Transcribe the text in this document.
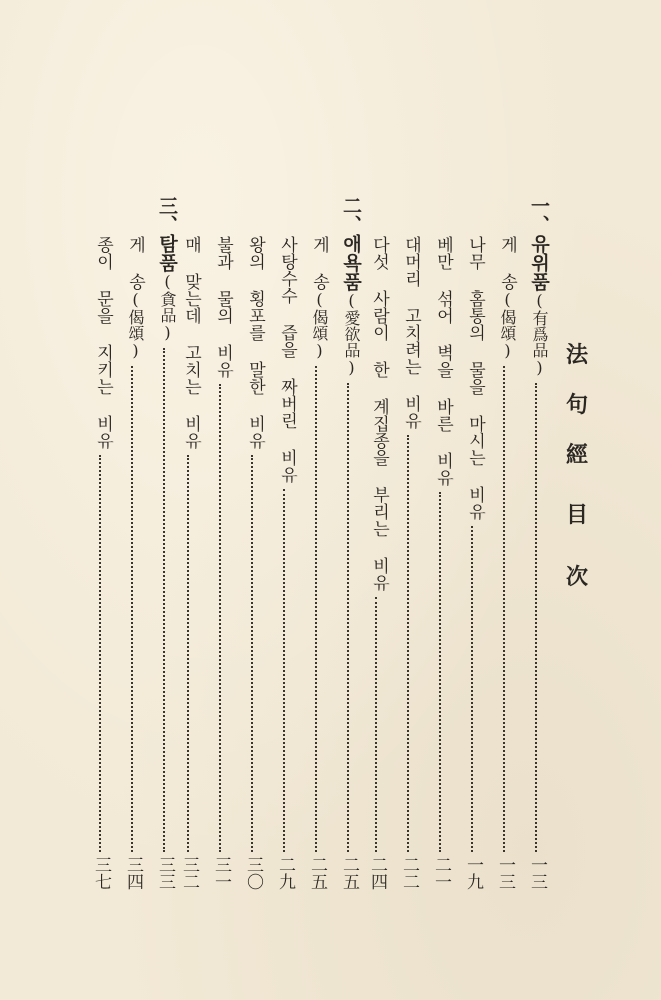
法
句
經
目
次
一、유위품(有爲品)
一三
게 송(偈頌)
一三
나무 홈통의 물을 마시는 비유
一九
베만 섞어 벽을 바른 비유
二一
대머리 고치려는 비유
二二
다섯 사람이 한 계집종을 부리는 비유
二四
二、애욕품(愛欲品)
二五
게 송(偈頌)
二五
사탕수수 즙을 짜버린 비유
二九
왕의 횡포를 말한 비유
三〇
불과 물의 비유
三一
매 맞는데 고치는 비유
三二
三、탐품(貪品)
三三
게 송(偈頌)
三四
종이 문을 지키는 비유
三七
